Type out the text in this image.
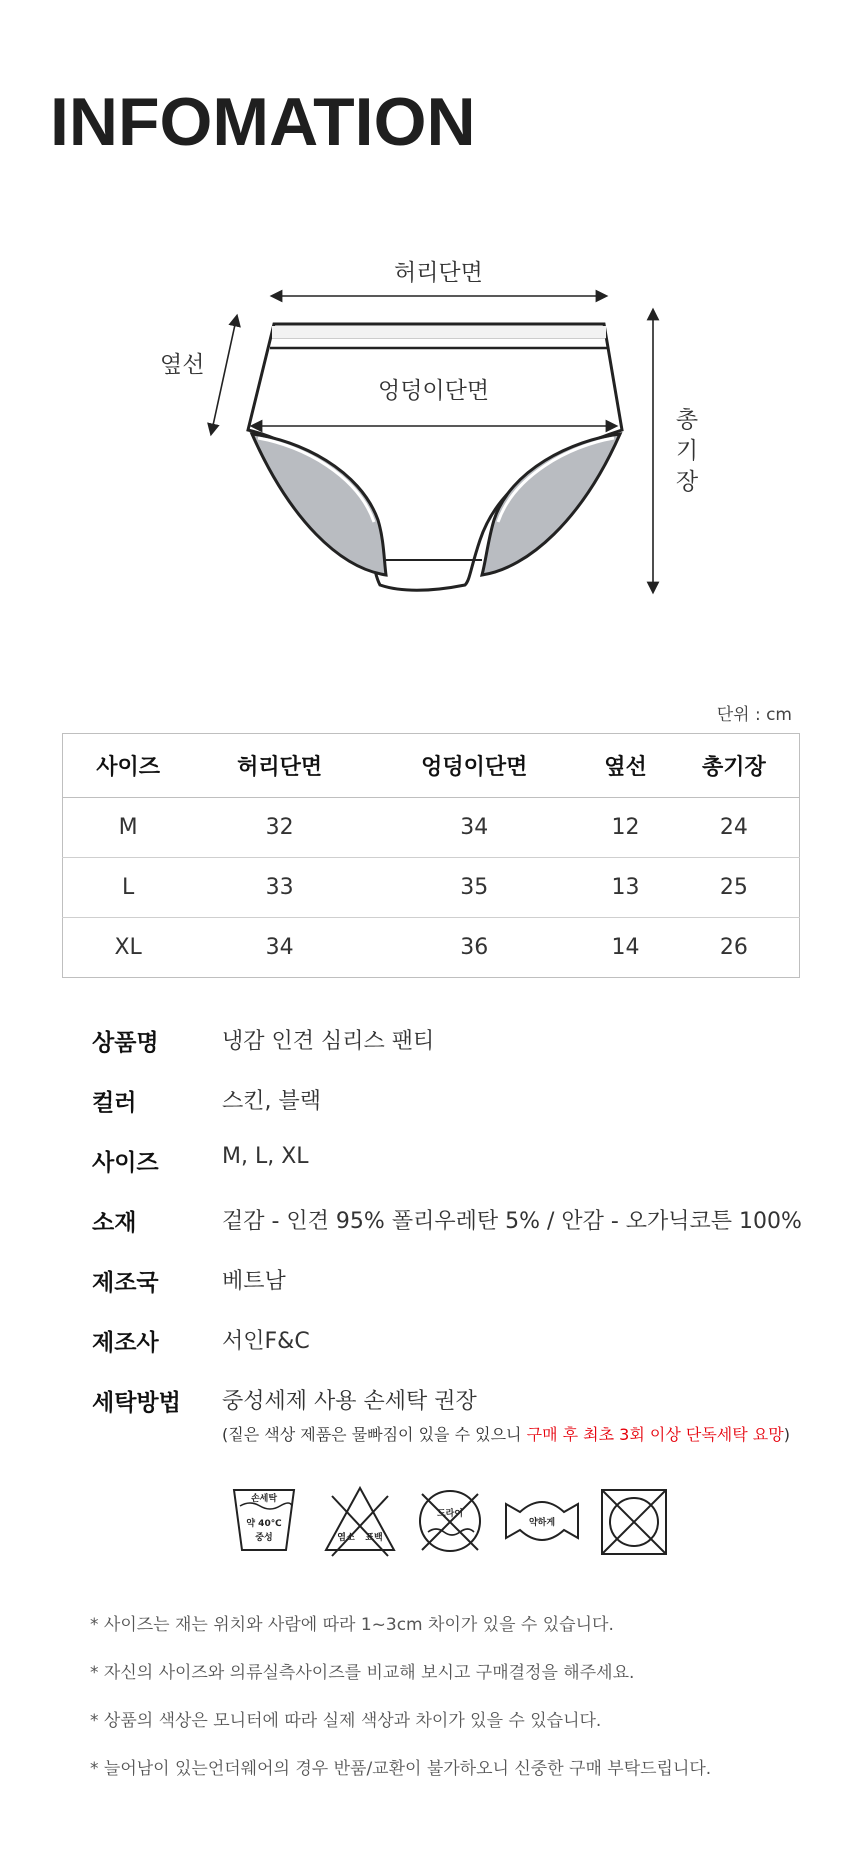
INFOMATION
허리단면
엉덩이단면
옆선
총
기
장
단위 : cm
사이즈	허리단면	엉덩이단면	옆선	총기장
M	32	34	12	24
L	33	35	13	25
XL	34	36	14	26
상품명	냉감 인견 심리스 팬티
컬러	스킨, 블랙
사이즈	M, L, XL
소재	겉감 - 인견 95% 폴리우레탄 5% / 안감 - 오가닉코튼 100%
제조국	베트남
제조사	서인F&C
세탁방법 중성세제 사용 손세탁 권장
(짙은 색상 제품은 물빠짐이 있을 수 있으니 구매 후 최초 3회 이상 단독세탁 요망)
손세탁
약 40℃
중성	염소 표백
드라이
약하게
* 사이즈는 재는 위치와 사람에 따라 1~3cm 차이가 있을 수 있습니다.
* 자신의 사이즈와 의류실측사이즈를 비교해 보시고 구매결정을 해주세요.
* 상품의 색상은 모니터에 따라 실제 색상과 차이가 있을 수 있습니다.
* 늘어남이 있는언더웨어의 경우 반품/교환이 불가하오니 신중한 구매 부탁드립니다.
